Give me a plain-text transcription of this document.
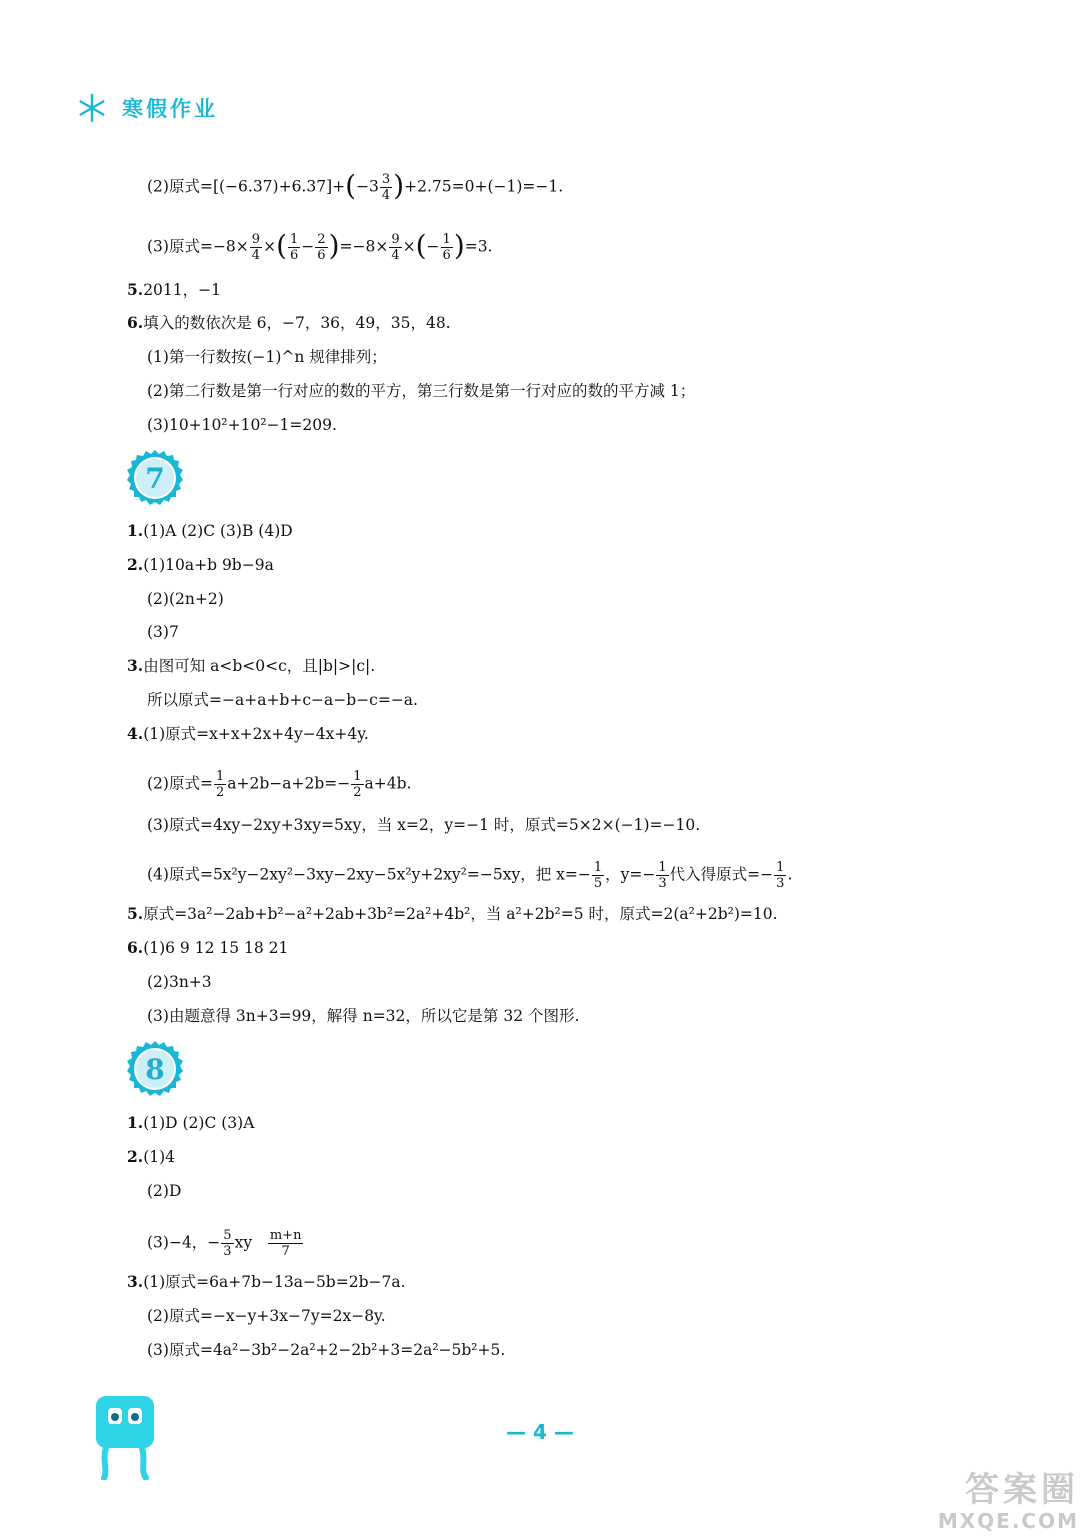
寒假作业
(2)原式$=[(-6.37)+6.37]+(-3 \frac{3}{4} )+2.75=0+(-1)=-1$.
(3)原式$=-8\times \frac{9}{4}$ ×( $\frac{1}{6} - \frac{2}{6} )=-8\times \frac{9}{4}$ ×(− $\frac{1}{6} )=3$.
5.2011，−1
6.填入的数依次是 6，−7，36，49，35，48.
(1)第一行数按(−1)^n 规律排列；
(2)第二行数是第一行对应的数的平方，第三行数是第一行对应的数的平方减 1；
(3)10+10²+10²−1=209.
7
1.(1)A (2)C (3)B (4)D
2.(1)10a+b 9b−9a
(2)(2n+2)
(3)7
3.由图可知 a<b<0<c，且|b|>|c|.
所以原式=−a+a+b+c−a−b−c=−a.
4.(1)原式=x+x+2x+4y−4x+4y.
(2)原式= $\frac{1}{2} a+2b-a+2b=- \frac{1}{2} a+4b$.
(3)原式=4xy−2xy+3xy=5xy，当 x=2，y=−1 时，原式=5×2×(−1)=−10.
(4)原式=5x²y−2xy²−3xy−2xy−5x²y+2xy²=−5xy，把 $x=- \frac{1}{5}$ ，$y=- \frac{1}{3}$ 代入得原式=− $\frac{1}{3}$ .
5.原式=3a²−2ab+b²−a²+2ab+3b²=2a²+4b²，当 a²+2b²=5 时，原式=2(a²+2b²)=10.
6.(1)6 9 12 15 18 21
(2)3n+3
(3)由题意得 3n+3=99，解得 n=32，所以它是第 32 个图形.
8
1.(1)D (2)C (3)A
2.(1)4
(2)D
(3)−4，− $\frac{5}{3}$ xy $\frac{m+n}{7}$
3.(1)原式=6a+7b−13a−5b=2b−7a.
(2)原式=−x−y+3x−7y=2x−8y.
(3)原式=4a²−3b²−2a²+2−2b²+3=2a²−5b²+5.
— 4 —
答案圈
MXQE.COM
